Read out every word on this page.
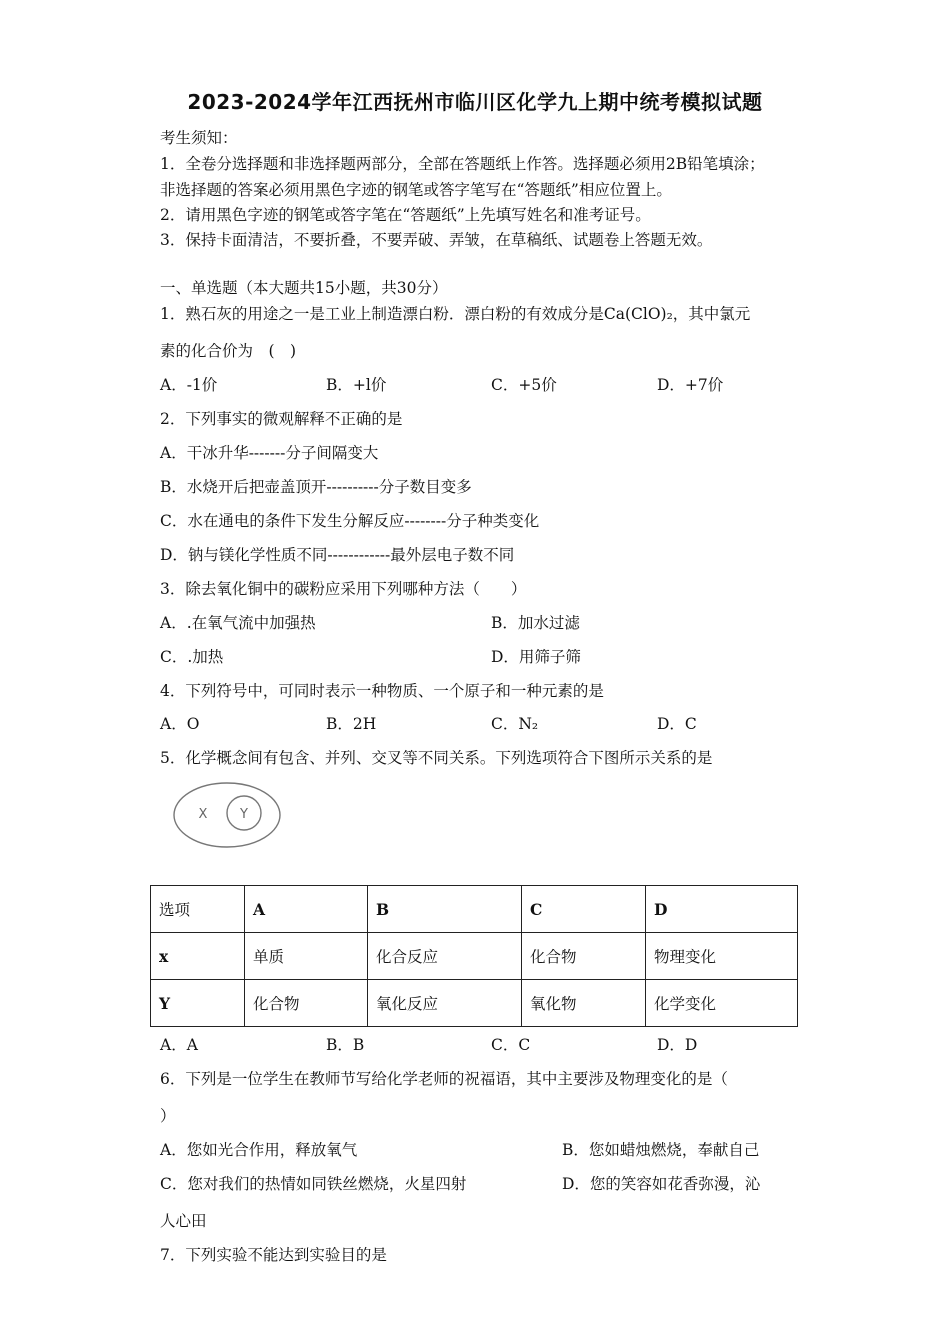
2023-2024学年江西抚州市临川区化学九上期中统考模拟试题
考生须知：
1．全卷分选择题和非选择题两部分，全部在答题纸上作答。选择题必须用2B铅笔填涂；
非选择题的答案必须用黑色字迹的钢笔或答字笔写在“答题纸”相应位置上。
2．请用黑色字迹的钢笔或答字笔在“答题纸”上先填写姓名和准考证号。
3．保持卡面清洁，不要折叠，不要弄破、弄皱，在草稿纸、试题卷上答题无效。
一、单选题（本大题共15小题，共30分）
1．熟石灰的用途之一是工业上制造漂白粉．漂白粉的有效成分是Ca(ClO)₂，其中氯元
素的化合价为　(　)
A．-1价	B．+l价	C．+5价	D．+7价
2．下列事实的微观解释不正确的是
A．干冰升华-------分子间隔变大
B．水烧开后把壶盖顶开----------分子数目变多
C．水在通电的条件下发生分解反应--------分子种类变化
D．钠与镁化学性质不同------------最外层电子数不同
3．除去氧化铜中的碳粉应采用下列哪种方法（　　）
A．.在氧气流中加强热	B．加水过滤
C．.加热	D．用筛子筛
4．下列符号中，可同时表示一种物质、一个原子和一种元素的是
A．O	B．2H	C．N₂	D．C
5．化学概念间有包含、并列、交叉等不同关系。下列选项符合下图所示关系的是
X	Y
选项	A	B	C	D
x	单质	化合反应	化合物	物理变化
Y	化合物	氧化反应	氧化物	化学变化
A．A	B．B	C．C	D．D
6．下列是一位学生在教师节写给化学老师的祝福语，其中主要涉及物理变化的是（
）
A．您如光合作用，释放氧气	B．您如蜡烛燃烧，奉献自己
C．您对我们的热情如同铁丝燃烧，火星四射	D．您的笑容如花香弥漫，沁
人心田
7．下列实验不能达到实验目的是
